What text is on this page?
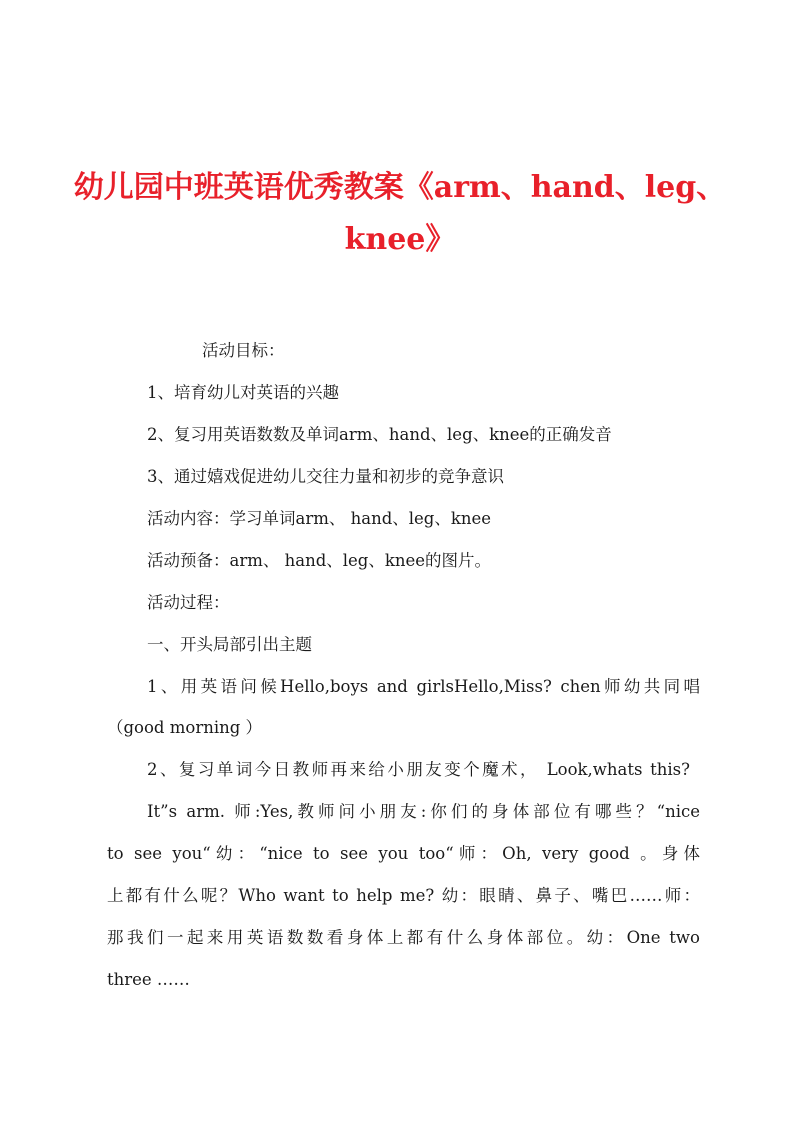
幼儿园中班英语优秀教案《arm、hand、leg、
knee》
活动目标：
1、培育幼儿对英语的兴趣
2、复习用英语数数及单词arm、hand、leg、knee的正确发音
3、通过嬉戏促进幼儿交往力量和初步的竞争意识
活动内容：学习单词arm、 hand、leg、knee
活动预备：arm、 hand、leg、knee的图片。
活动过程：
一、开头局部引出主题
1、用英语问候Hello,boys and girlsHello,Miss? chen师幼共同唱
（good morning ）
2、复习单词今日教师再来给小朋友变个魔术， Look,whats this?
It”s arm. 师:Yes,教师问小朋友:你们的身体部位有哪些？“nice
to see you“幼：“nice to see you too“师：Oh, very good 。身体
上都有什么呢？Who want to help me? 幼：眼睛、鼻子、嘴巴……师：
那我们一起来用英语数数看身体上都有什么身体部位。幼：One two
three ……
